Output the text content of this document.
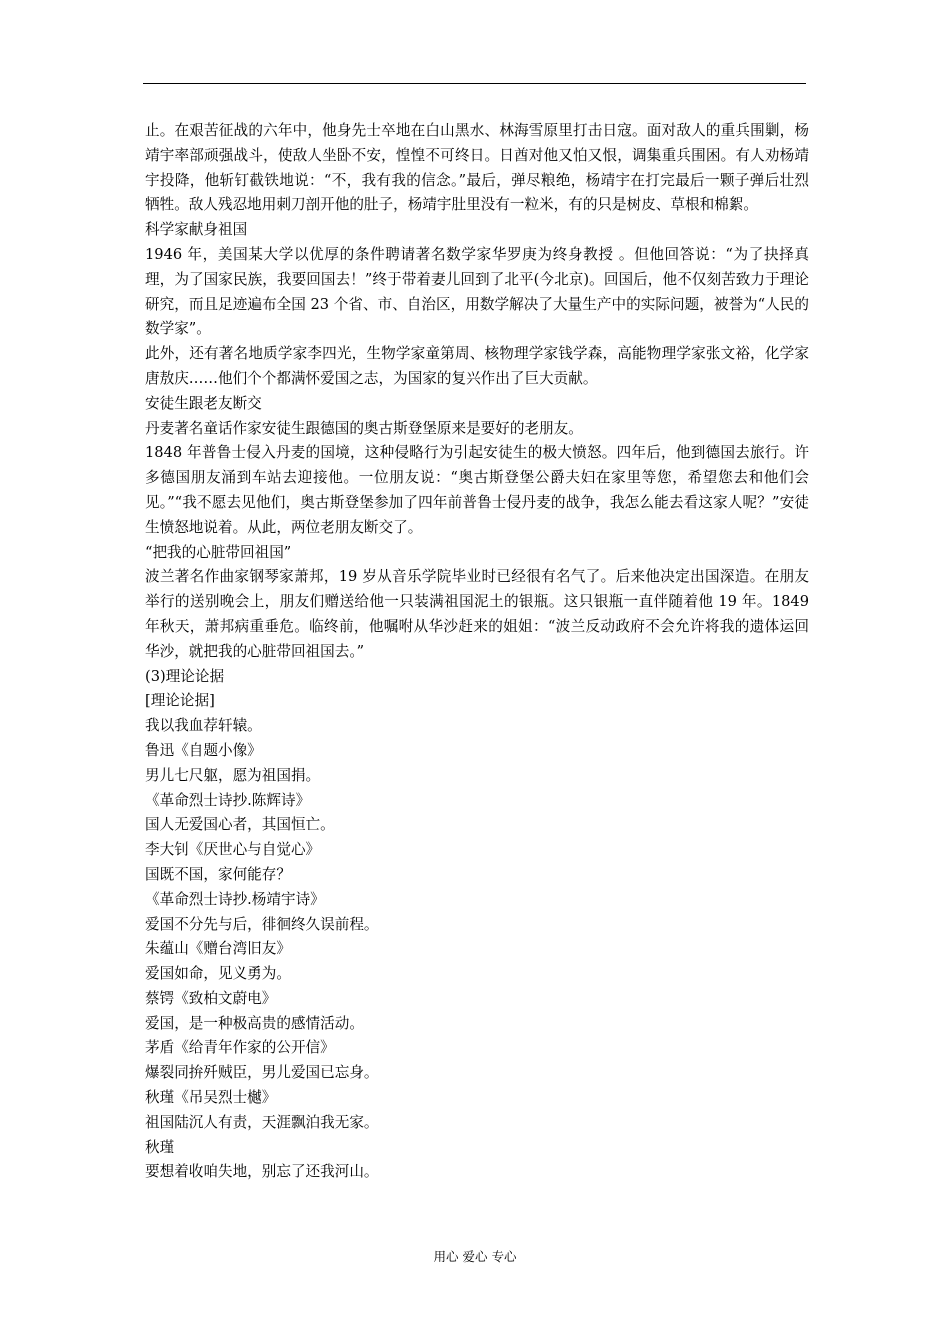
止。在艰苦征战的六年中，他身先士卒地在白山黑水、林海雪原里打击日寇。面对敌人的重兵围剿，杨靖宇率部顽强战斗，使敌人坐卧不安，惶惶不可终日。日酋对他又怕又恨，调集重兵围困。有人劝杨靖宇投降，他斩钉截铁地说：“不，我有我的信念。”最后，弹尽粮绝，杨靖宇在打完最后一颗子弹后壮烈牺牲。敌人残忍地用刺刀剖开他的肚子，杨靖宇肚里没有一粒米，有的只是树皮、草根和棉絮。

科学家献身祖国

1946 年，美国某大学以优厚的条件聘请著名数学家华罗庚为终身教授 。但他回答说：“为了抉择真理，为了国家民族，我要回国去！”终于带着妻儿回到了北平(今北京)。回国后，他不仅刻苦致力于理论研究，而且足迹遍布全国 23 个省、市、自治区，用数学解决了大量生产中的实际问题，被誉为“人民的数学家”。

此外，还有著名地质学家李四光，生物学家童第周、核物理学家钱学森，高能物理学家张文裕，化学家唐敖庆……他们个个都满怀爱国之志，为国家的复兴作出了巨大贡献。

安徒生跟老友断交

丹麦著名童话作家安徒生跟德国的奥古斯登堡原来是要好的老朋友。

1848 年普鲁士侵入丹麦的国境，这种侵略行为引起安徒生的极大愤怒。四年后，他到德国去旅行。许多德国朋友涌到车站去迎接他。一位朋友说：“奥古斯登堡公爵夫妇在家里等您，希望您去和他们会见。”“我不愿去见他们，奥古斯登堡参加了四年前普鲁士侵丹麦的战争，我怎么能去看这家人呢？”安徒生愤怒地说着。从此，两位老朋友断交了。

“把我的心脏带回祖国”

波兰著名作曲家钢琴家萧邦，19 岁从音乐学院毕业时已经很有名气了。后来他决定出国深造。在朋友举行的送别晚会上，朋友们赠送给他一只装满祖国泥土的银瓶。这只银瓶一直伴随着他 19 年。1849 年秋天，萧邦病重垂危。临终前，他嘱咐从华沙赶来的姐姐：“波兰反动政府不会允许将我的遗体运回华沙，就把我的心脏带回祖国去。”

(3)理论论据

[理论论据]

我以我血荐轩辕。

鲁迅《自题小像》

男儿七尺躯，愿为祖国捐。

《革命烈士诗抄.陈辉诗》

国人无爱国心者，其国恒亡。

李大钊《厌世心与自觉心》

国既不国，家何能存？

《革命烈士诗抄.杨靖宇诗》

爱国不分先与后，徘徊终久误前程。

朱蕴山《赠台湾旧友》

爱国如命，见义勇为。

蔡锷《致柏文蔚电》

爱国，是一种极高贵的感情活动。

茅盾《给青年作家的公开信》

爆裂同拚歼贼臣，男儿爱国已忘身。

秋瑾《吊吴烈士樾》

祖国陆沉人有责，天涯飘泊我无家。

秋瑾

要想着收咱失地，别忘了还我河山。

用心 爱心 专心
